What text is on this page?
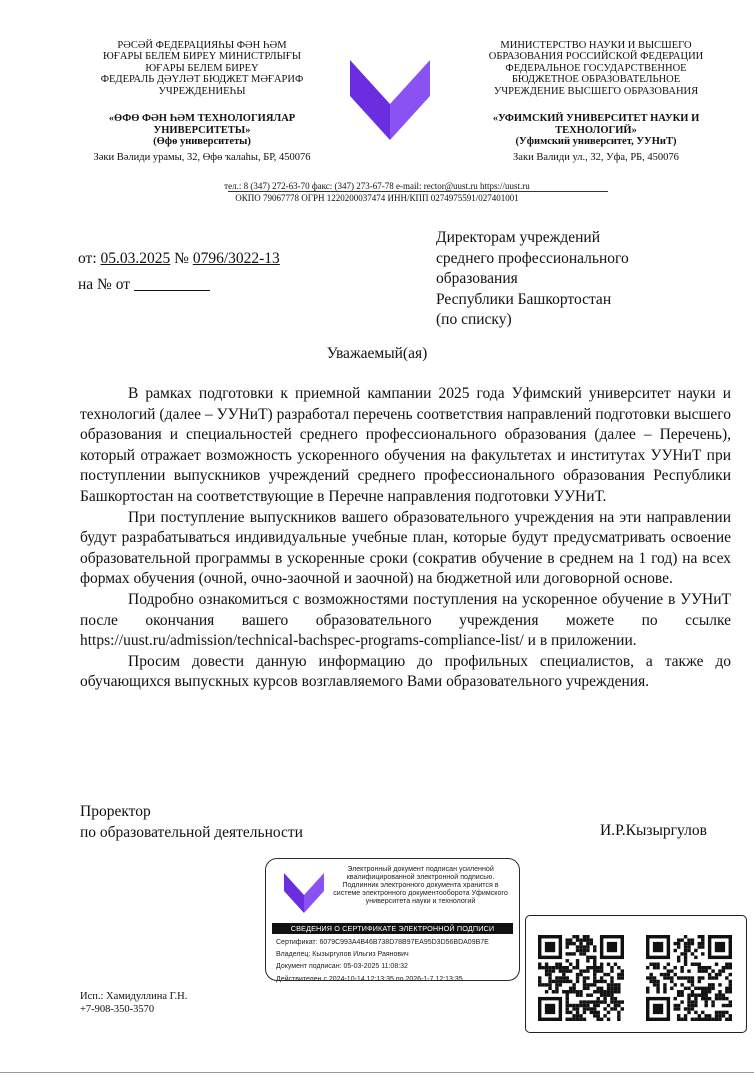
РӘСӘЙ ФЕДЕРАЦИЯҺЫ ФӘН ҺӘМ
ЮҒАРЫ БЕЛЕМ БИРЕҮ МИНИСТРЛЫҒЫ
ЮҒАРЫ БЕЛЕМ БИРЕҮ
ФЕДЕРАЛЬ ДӘҮЛӘТ БЮДЖЕТ МӘҒАРИФ
УЧРЕЖДЕНИЕҺЫ
«ӨФӨ ФӘН ҺӘМ ТЕХНОЛОГИЯЛАР
УНИВЕРСИТЕТЫ»
(Өфө университеты)
Зәки Вәлиди урамы, 32, Өфө ҡалаһы, БР, 450076
МИНИСТЕРСТВО НАУКИ И ВЫСШЕГО
ОБРАЗОВАНИЯ РОССИЙСКОЙ ФЕДЕРАЦИИ
ФЕДЕРАЛЬНОЕ ГОСУДАРСТВЕННОЕ
БЮДЖЕТНОЕ ОБРАЗОВАТЕЛЬНОЕ
УЧРЕЖДЕНИЕ ВЫСШЕГО ОБРАЗОВАНИЯ
«УФИМСКИЙ УНИВЕРСИТЕТ НАУКИ И
ТЕХНОЛОГИЙ»
(Уфимский университет, УУНиТ)
Заки Валиди ул., 32, Уфа, РБ, 450076
тел.: 8 (347) 272-63-70 факс: (347) 273-67-78 e-mail: rector@uust.ru https://uust.ru
ОКПО 79067778 ОГРН 1220200037474 ИНН/КПП 0274975591/027401001
от: 05.03.2025 № 0796/3022-13
на № от
Директорам учреждений
среднего профессионального
образования
Республики Башкортостан
(по списку)
Уважаемый(ая)

В рамках подготовки к приемной кампании 2025 года Уфимский университет науки и технологий (далее – УУНиТ) разработал перечень соответствия направлений подготовки высшего образования и специальностей среднего профессионального образования (далее – Перечень), который отражает возможность ускоренного обучения на факультетах и институтах УУНиТ при поступлении выпускников учреждений среднего профессионального образования Республики Башкортостан на соответствующие в Перечне направления подготовки УУНиТ.

При поступление выпускников вашего образовательного учреждения на эти направлении будут разрабатываться индивидуальные учебные план, которые будут предусматривать освоение образовательной программы в ускоренные сроки (сократив обучение в среднем на 1 год) на всех формах обучения (очной, очно-заочной и заочной) на бюджетной или договорной основе.

Подробно ознакомиться с возможностями поступления на ускоренное обучение в УУНиТ после окончания вашего образовательного учреждения можете по ссылке https://uust.ru/admission/technical-bachspec-programs-compliance-list/ и в приложении.

Просим довести данную информацию до профильных специалистов, а также до обучающихся выпускных курсов возглавляемого Вами образовательного учреждения.

Проректор
по образовательной деятельности	И.Р.Кызыргулов
Электронный документ подписан усиленной квалифицированной электронной подписью. Подлинник электронного документа хранится в системе электронного документооборота Уфимского университета науки и технологий
СВЕДЕНИЯ О СЕРТИФИКАТЕ ЭЛЕКТРОННОЙ ПОДПИСИ
Сертификат: 6079C993A4B46B738D78B97EA95D3D56BDA09B7E
Владелец: Кызыргулов Ильгиз Раянович
Документ подписан: 05-03-2025 11:08:32
Действителен с 2024-10-14 12:13:35 по 2026-1-7 12:13:35
Исп.: Хамидуллина Г.Н.
+7-908-350-3570
